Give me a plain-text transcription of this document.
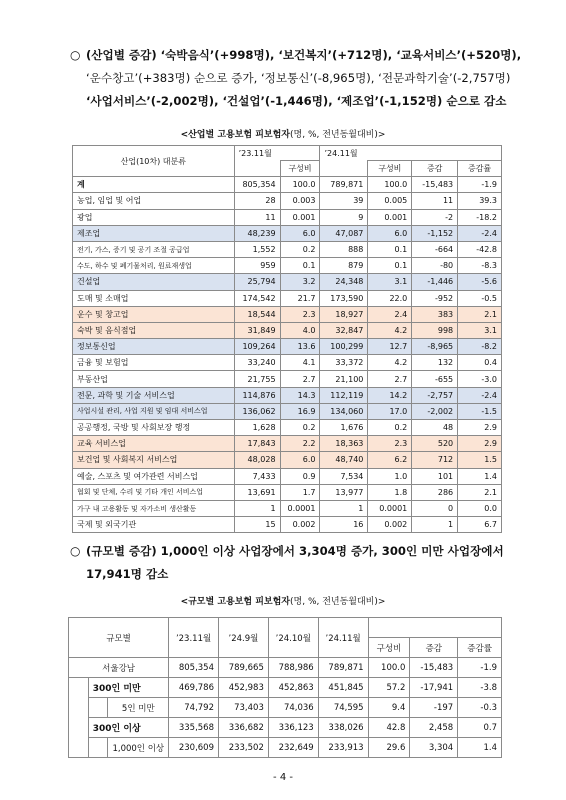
○ (산업별 증감) ‘숙박음식’(+998명), ‘보건복지’(+712명), ‘교육서비스’(+520명),
‘운수창고’(+383명) 순으로 증가, ‘정보통신’(-8,965명), ‘전문과학기술’(-2,757명)
‘사업서비스’(-2,002명), ‘건설업’(-1,446명), ‘제조업’(-1,152명) 순으로 감소
<산업별 고용보험 피보험자(명, %, 전년동월대비)>
산업(10차) 대분류	’23.11월		’24.11월			
		구성비		구성비	증감	증감률
계	805,354	100.0	789,871	100.0	-15,483	-1.9
농업, 임업 및 어업	28	0.003	39	0.005	11	39.3
광업	11	0.001	9	0.001	-2	-18.2
제조업	48,239	6.0	47,087	6.0	-1,152	-2.4
전기, 가스, 증기 및 공기 조절 공급업	1,552	0.2	888	0.1	-664	-42.8
수도, 하수 및 폐기물처리, 원료재생업	959	0.1	879	0.1	-80	-8.3
건설업	25,794	3.2	24,348	3.1	-1,446	-5.6
도매 및 소매업	174,542	21.7	173,590	22.0	-952	-0.5
운수 및 창고업	18,544	2.3	18,927	2.4	383	2.1
숙박 및 음식점업	31,849	4.0	32,847	4.2	998	3.1
정보통신업	109,264	13.6	100,299	12.7	-8,965	-8.2
금융 및 보험업	33,240	4.1	33,372	4.2	132	0.4
부동산업	21,755	2.7	21,100	2.7	-655	-3.0
전문, 과학 및 기술 서비스업	114,876	14.3	112,119	14.2	-2,757	-2.4
사업시설 관리, 사업 지원 및 임대 서비스업	136,062	16.9	134,060	17.0	-2,002	-1.5
공공행정, 국방 및 사회보장 행정	1,628	0.2	1,676	0.2	48	2.9
교육 서비스업	17,843	2.2	18,363	2.3	520	2.9
보건업 및 사회복지 서비스업	48,028	6.0	48,740	6.2	712	1.5
예술, 스포츠 및 여가관련 서비스업	7,433	0.9	7,534	1.0	101	1.4
협회 및 단체, 수리 및 기타 개인 서비스업	13,691	1.7	13,977	1.8	286	2.1
가구 내 고용활동 및 자가소비 생산활동	1	0.0001	1	0.0001	0	0.0
국제 및 외국기관	15	0.002	16	0.002	1	6.7
○ (규모별 증감) 1,000인 이상 사업장에서 3,304명 증가, 300인 미만 사업장에서
17,941명 감소
<규모별 고용보험 피보험자(명, %, 전년동월대비)>
규모별			’23.11월	’24.9월	’24.10월	’24.11월			
							구성비	증감	증감률
서울강남			805,354	789,665	788,986	789,871	100.0	-15,483	-1.9
	300인 미만		469,786	452,983	452,863	451,845	57.2	-17,941	-3.8
		5인 미만	74,792	73,403	74,036	74,595	9.4	-197	-0.3
	300인 이상		335,568	336,682	336,123	338,026	42.8	2,458	0.7
		1,000인 이상	230,609	233,502	232,649	233,913	29.6	3,304	1.4
- 4 -
